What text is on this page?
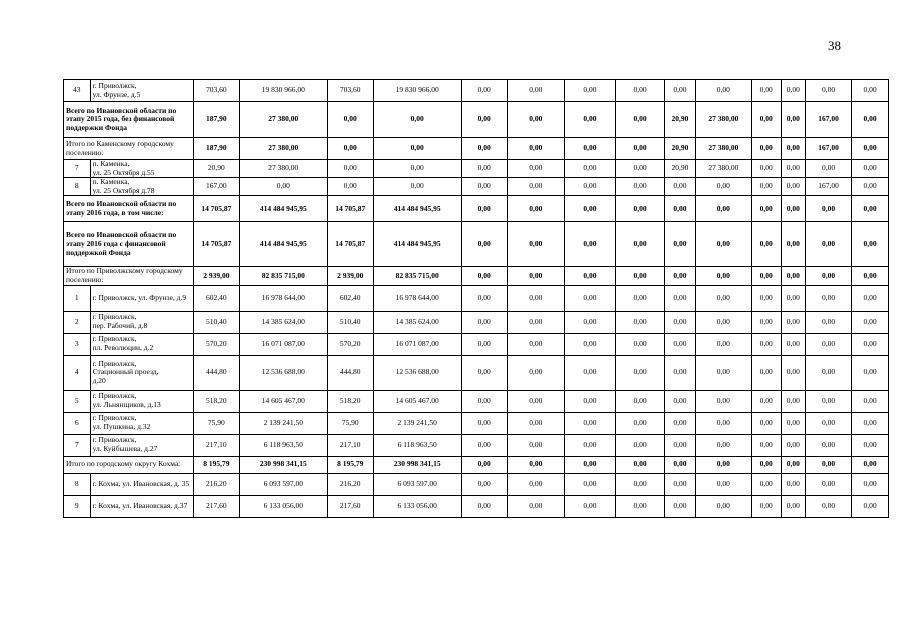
38
43	г. Приволжск,
ул. Фрунзе, д.5	703,60	19 830 966,00	703,60	19 830 966,00	0,00	0,00	0,00	0,00	0,00	0,00	0,00	0,00	0,00	0,00
Всего по Ивановской области по этапу 2015 года, без финансовой поддержки Фонда		187,90	27 380,00	0,00	0,00	0,00	0,00	0,00	0,00	20,90	27 380,00	0,00	0,00	167,00	0,00
Итого по Каменскому городскому поселению:		187,90	27 380,00	0,00	0,00	0,00	0,00	0,00	0,00	20,90	27 380,00	0,00	0,00	167,00	0,00
7	п. Каменка,
ул. 25 Октября д.55	20,90	27 380,00	0,00	0,00	0,00	0,00	0,00	0,00	20,90	27 380,00	0,00	0,00	0,00	0,00
8	п. Каменка,
ул. 25 Октября д.78	167,00	0,00	0,00	0,00	0,00	0,00	0,00	0,00	0,00	0,00	0,00	0,00	167,00	0,00
Всего по Ивановской области по этапу 2016 года, в том числе:		14 705,87	414 484 945,95	14 705,87	414 484 945,95	0,00	0,00	0,00	0,00	0,00	0,00	0,00	0,00	0,00	0,00
Всего по Ивановской области по этапу 2016 года с финансовой поддержкой Фонда		14 705,87	414 484 945,95	14 705,87	414 484 945,95	0,00	0,00	0,00	0,00	0,00	0,00	0,00	0,00	0,00	0,00
Итого по Приволжскому городскому поселению:		2 939,00	82 835 715,00	2 939,00	82 835 715,00	0,00	0,00	0,00	0,00	0,00	0,00	0,00	0,00	0,00	0,00
1	г. Приволжск, ул. Фрунзе, д.9	602,40	16 978 644,00	602,40	16 978 644,00	0,00	0,00	0,00	0,00	0,00	0,00	0,00	0,00	0,00	0,00
2	г. Приволжск,
пер. Рабочий, д.8	510,40	14 385 624,00	510,40	14 385 624,00	0,00	0,00	0,00	0,00	0,00	0,00	0,00	0,00	0,00	0,00
3	г. Приволжск,
пл. Революции, д.2	570,20	16 071 087,00	570,20	16 071 087,00	0,00	0,00	0,00	0,00	0,00	0,00	0,00	0,00	0,00	0,00
4	г. Приволжск,
Стационный проезд,
д.20	444,80	12 536 688,00	444,80	12 536 688,00	0,00	0,00	0,00	0,00	0,00	0,00	0,00	0,00	0,00	0,00
5	г. Приволжск,
ул. Льнянщиков, д.13	518,20	14 605 467,00	518,20	14 605 467,00	0,00	0,00	0,00	0,00	0,00	0,00	0,00	0,00	0,00	0,00
6	г. Приволжск,
ул. Пушкина, д.32	75,90	2 139 241,50	75,90	2 139 241,50	0,00	0,00	0,00	0,00	0,00	0,00	0,00	0,00	0,00	0,00
7	г. Приволжск,
ул. Куйбышева, д.27	217,10	6 118 963,50	217,10	6 118 963,50	0,00	0,00	0,00	0,00	0,00	0,00	0,00	0,00	0,00	0,00
Итого по городскому округу Кохма:		8 195,79	230 998 341,15	8 195,79	230 998 341,15	0,00	0,00	0,00	0,00	0,00	0,00	0,00	0,00	0,00	0,00
8	г. Кохма, ул. Ивановская, д. 35	216,20	6 093 597,00	216,20	6 093 597,00	0,00	0,00	0,00	0,00	0,00	0,00	0,00	0,00	0,00	0,00
9	г. Кохма, ул. Ивановская, д.37	217,60	6 133 056,00	217,60	6 133 056,00	0,00	0,00	0,00	0,00	0,00	0,00	0,00	0,00	0,00	0,00
